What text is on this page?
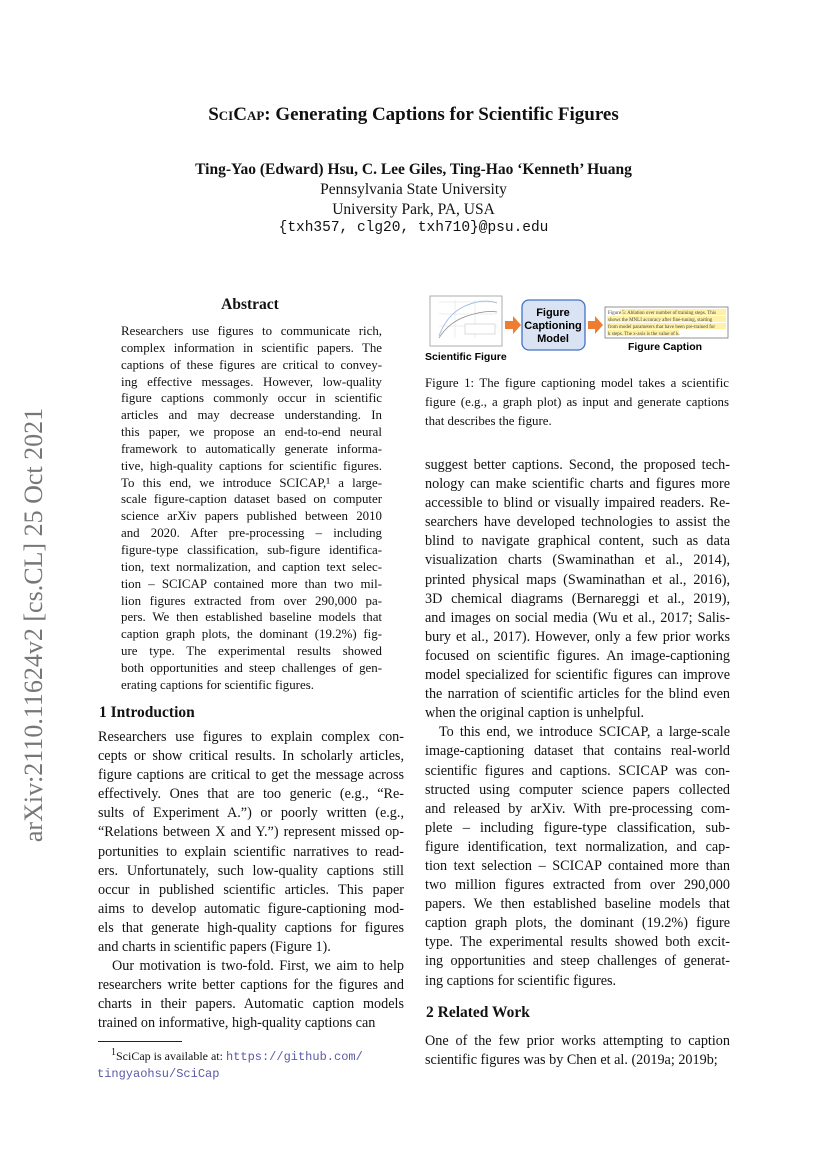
SciCap: Generating Captions for Scientific Figures
Ting-Yao (Edward) Hsu, C. Lee Giles, Ting-Hao ‘Kenneth’ Huang
Pennsylvania State University
University Park, PA, USA
{txh357, clg20, txh710}@psu.edu
arXiv:2110.11624v2 [cs.CL] 25 Oct 2021
Abstract
Researchers use figures to communicate rich,
complex information in scientific papers. The
captions of these figures are critical to convey-
ing effective messages. However, low-quality
figure captions commonly occur in scientific
articles and may decrease understanding. In
this paper, we propose an end-to-end neural
framework to automatically generate informa-
tive, high-quality captions for scientific figures.
To this end, we introduce SCICAP,¹ a large-
scale figure-caption dataset based on computer
science arXiv papers published between 2010
and 2020. After pre-processing – including
figure-type classification, sub-figure identifica-
tion, text normalization, and caption text selec-
tion – SCICAP contained more than two mil-
lion figures extracted from over 290,000 pa-
pers. We then established baseline models that
caption graph plots, the dominant (19.2%) fig-
ure type. The experimental results showed
both opportunities and steep challenges of gen-
erating captions for scientific figures.
1 Introduction
Researchers use figures to explain complex con-
cepts or show critical results. In scholarly articles,
figure captions are critical to get the message across
effectively. Ones that are too generic (e.g., “Re-
sults of Experiment A.”) or poorly written (e.g.,
“Relations between X and Y.”) represent missed op-
portunities to explain scientific narratives to read-
ers. Unfortunately, such low-quality captions still
occur in published scientific articles. This paper
aims to develop automatic figure-captioning mod-
els that generate high-quality captions for figures
and charts in scientific papers (Figure 1).
Our motivation is two-fold. First, we aim to help
researchers write better captions for the figures and
charts in their papers. Automatic caption models
trained on informative, high-quality captions can
Scientific Figure
Figure
Captioning
Model
Figure 5: Ablation over number of training steps. This
shows the MNLI accuracy after fine-tuning, starting
from model parameters that have been pre-trained for
k steps. The x-axis is the value of k.
Figure Caption
Figure 1: The figure captioning model takes a scientific
figure (e.g., a graph plot) as input and generate captions
that describes the figure.
suggest better captions. Second, the proposed tech-
nology can make scientific charts and figures more
accessible to blind or visually impaired readers. Re-
searchers have developed technologies to assist the
blind to navigate graphical content, such as data
visualization charts (Swaminathan et al., 2014),
printed physical maps (Swaminathan et al., 2016),
3D chemical diagrams (Bernareggi et al., 2019),
and images on social media (Wu et al., 2017; Salis-
bury et al., 2017). However, only a few prior works
focused on scientific figures. An image-captioning
model specialized for scientific figures can improve
the narration of scientific articles for the blind even
when the original caption is unhelpful.
To this end, we introduce SCICAP, a large-scale
image-captioning dataset that contains real-world
scientific figures and captions. SCICAP was con-
structed using computer science papers collected
and released by arXiv. With pre-processing com-
plete – including figure-type classification, sub-
figure identification, text normalization, and cap-
tion text selection – SCICAP contained more than
two million figures extracted from over 290,000
papers. We then established baseline models that
caption graph plots, the dominant (19.2%) figure
type. The experimental results showed both excit-
ing opportunities and steep challenges of generat-
ing captions for scientific figures.
2 Related Work
One of the few prior works attempting to caption
scientific figures was by Chen et al. (2019a; 2019b;
$^1$SciCap is available at: https://github.com/
tingyaohsu/SciCap
